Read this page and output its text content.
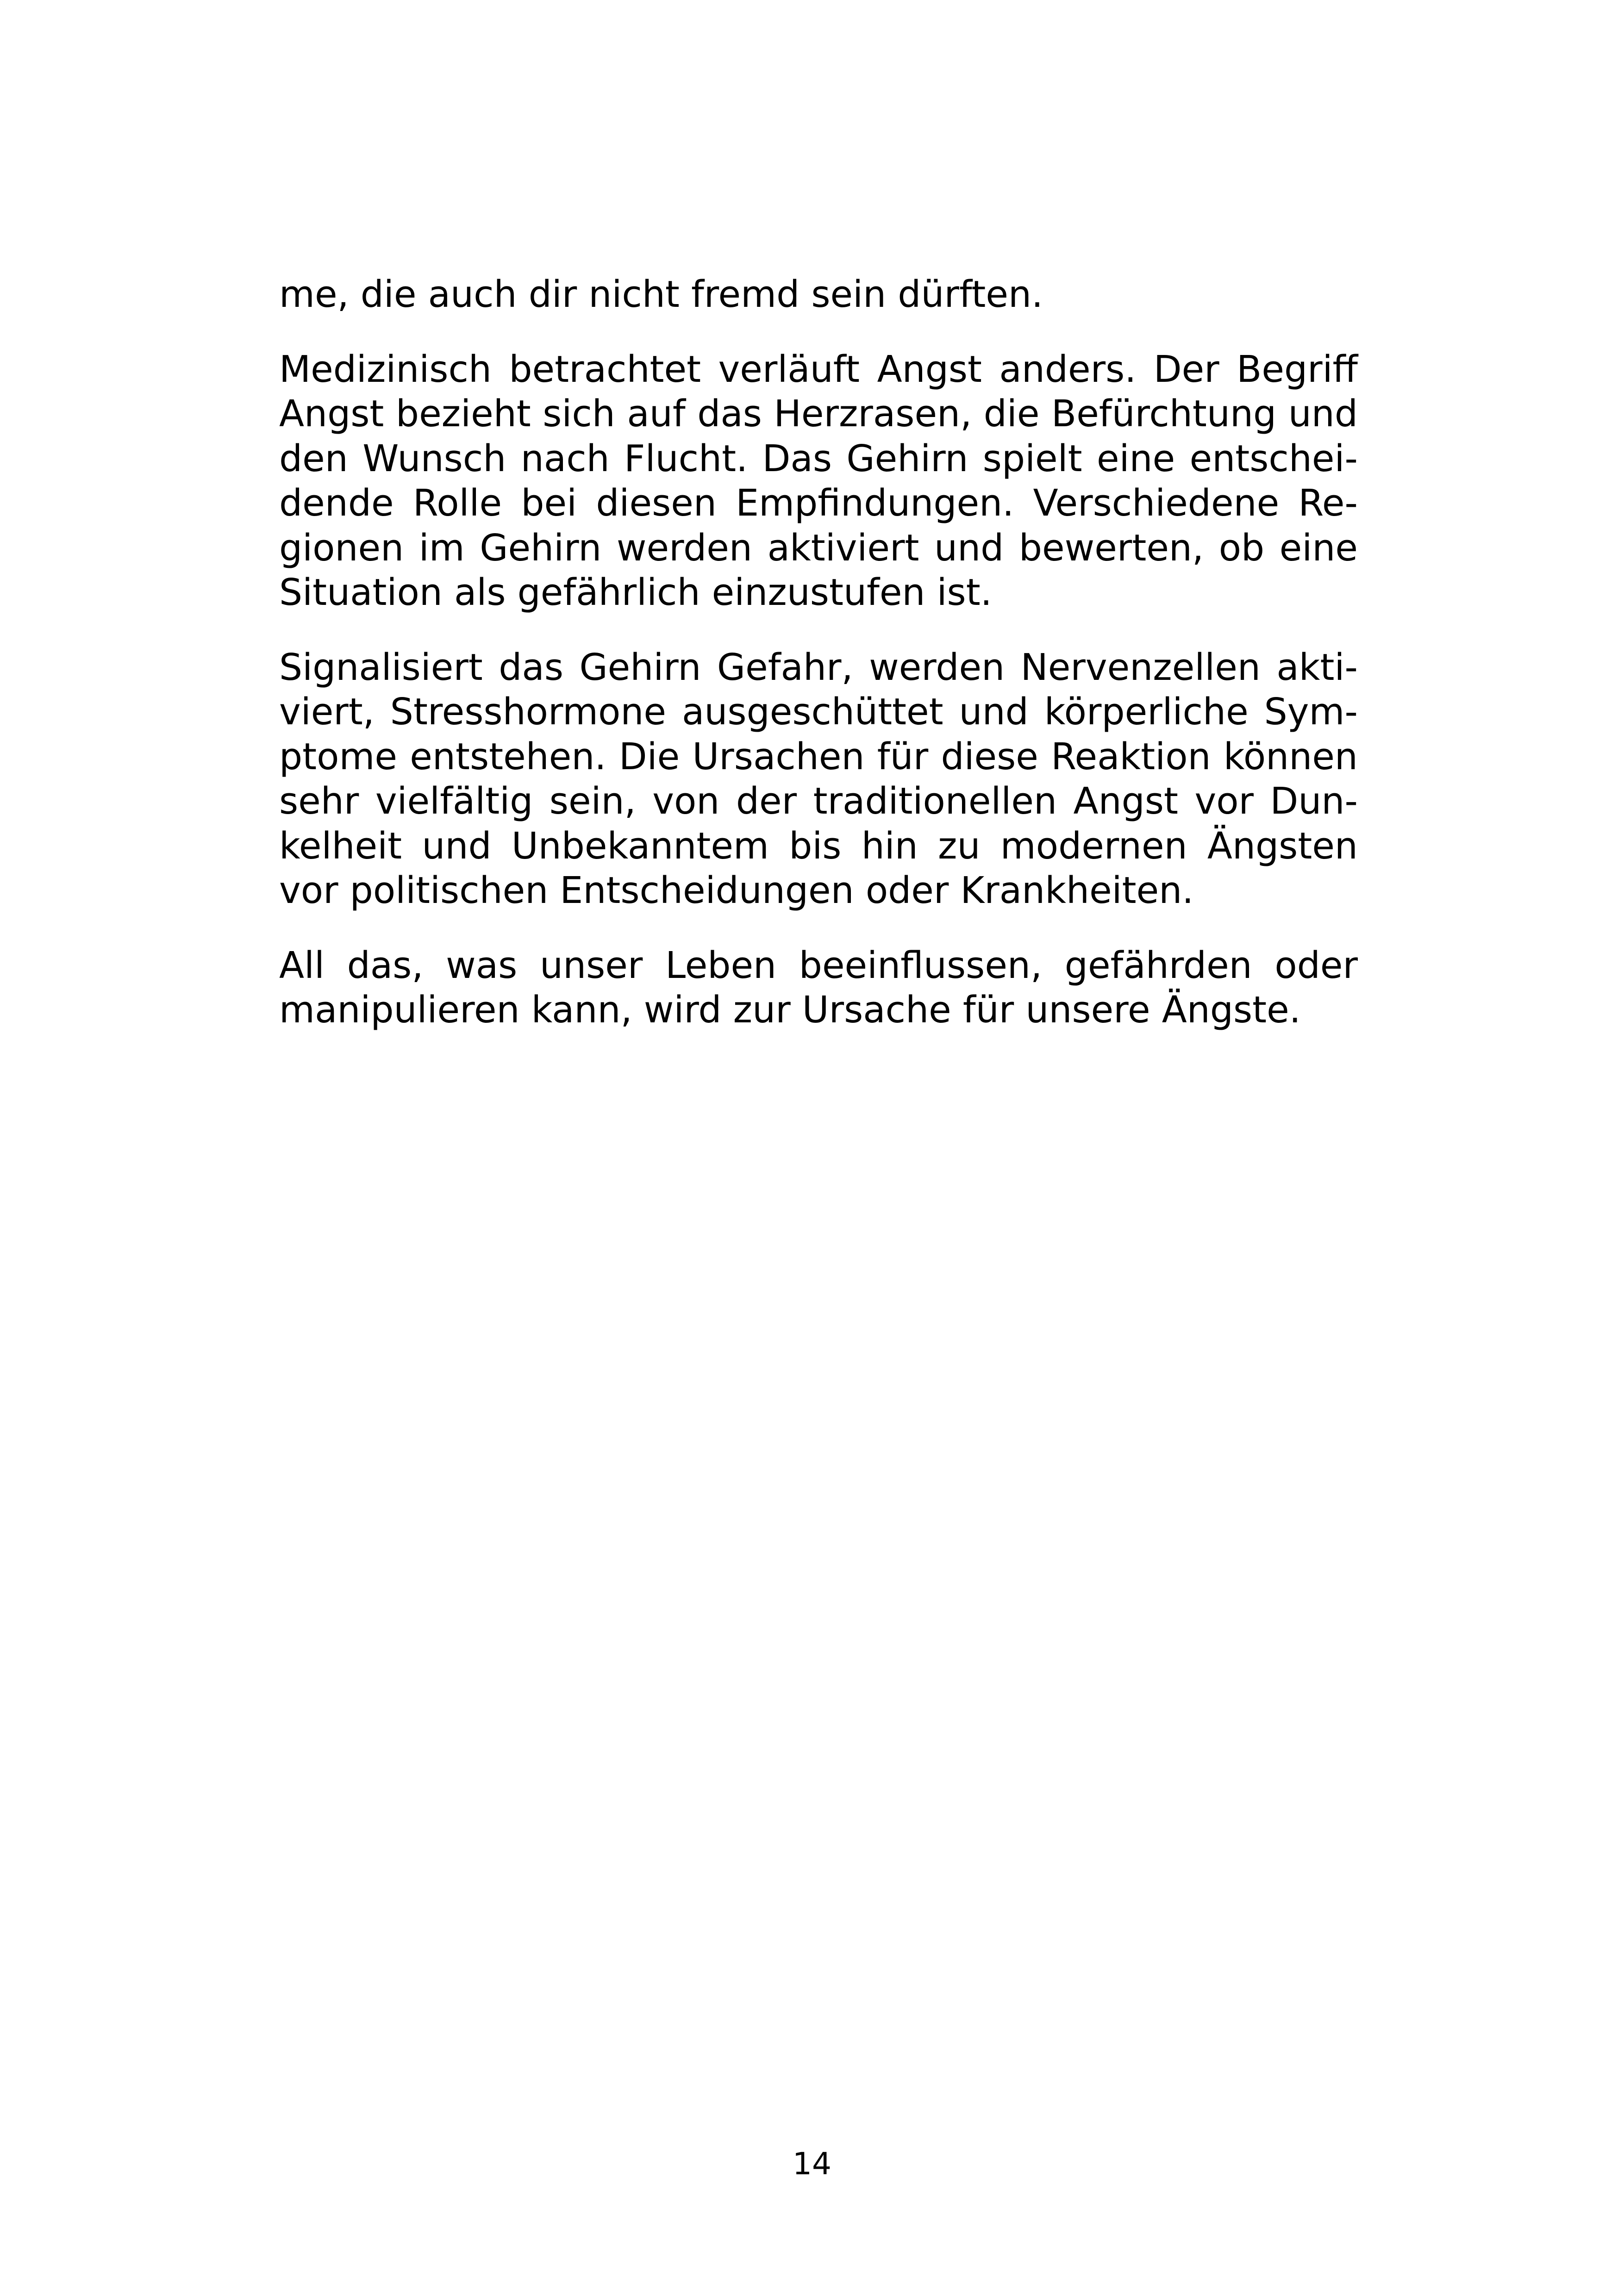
me, die auch dir nicht fremd sein dürften.
Medizinisch betrachtet verläuft Angst anders. Der Begriff
Angst bezieht sich auf das Herzrasen, die Befürchtung und
den Wunsch nach Flucht. Das Gehirn spielt eine entschei-
dende Rolle bei diesen Empfindungen. Verschiedene Re-
gionen im Gehirn werden aktiviert und bewerten, ob eine
Situation als gefährlich einzustufen ist.
Signalisiert das Gehirn Gefahr, werden Nervenzellen akti-
viert, Stresshormone ausgeschüttet und körperliche Sym-
ptome entstehen. Die Ursachen für diese Reaktion können
sehr vielfältig sein, von der traditionellen Angst vor Dun-
kelheit und Unbekanntem bis hin zu modernen Ängsten
vor politischen Entscheidungen oder Krankheiten.
All das, was unser Leben beeinflussen, gefährden oder
manipulieren kann, wird zur Ursache für unsere Ängste.
14
